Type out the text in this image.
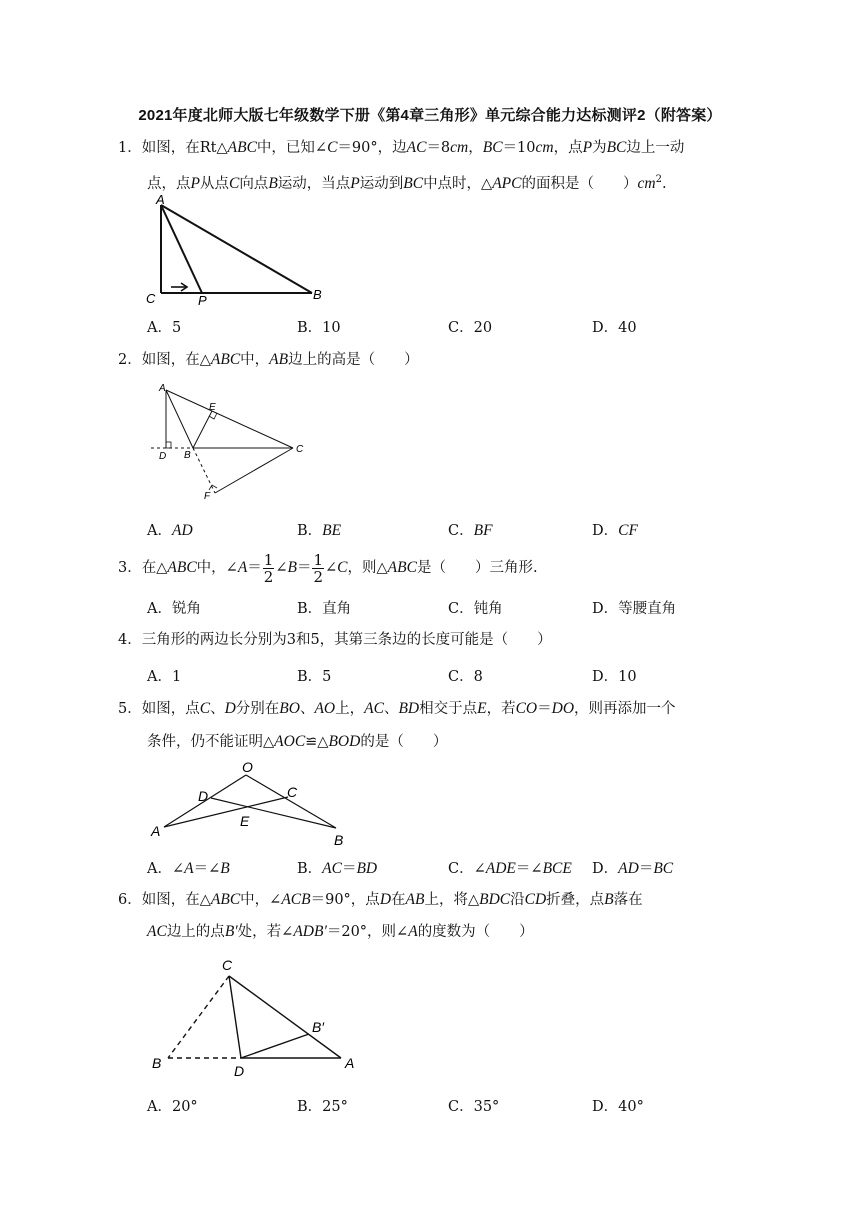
2021年度北师大版七年级数学下册《第4章三角形》单元综合能力达标测评2（附答案）
1．如图，在Rt△ABC中，已知∠C＝90°，边AC＝8cm，BC＝10cm，点P为BC边上一动
点，点P从点C向点B运动，当点P运动到BC中点时，△APC的面积是（　　）$cm^2$.
A
C	P	B
A．5	B．10	C．20	D．40
2．如图，在△ABC中，AB边上的高是（　　）
A
E
D B
C
F
A．AD	B．BE	C．BF	D．CF
3．在△ABC中，∠A＝ $\frac{1}{2}$ ∠B＝ $\frac{1}{2}$ ∠C，则△ABC是（　　）三角形.
A．锐角	B．直角	C．钝角	D．等腰直角
4．三角形的两边长分别为3和5，其第三条边的长度可能是（　　）
A．1	B．5	C．8	D．10
5．如图，点C、D分别在BO、AO上，AC、BD相交于点E，若CO＝DO，则再添加一个
条件，仍不能证明△AOC≌△BOD的是（　　）
O
D	C
A
E
B
A．∠A＝∠B	B．AC＝BD	C．∠ADE＝∠BCE D．AD＝BC
6．如图，在△ABC中，∠ACB＝90°，点D在AB上，将△BDC沿CD折叠，点B落在
AC边上的点B′处，若∠ADB′＝20°，则∠A的度数为（　　）
C
B	D
B′
A
A．20°	B．25°	C．35°	D．40°
